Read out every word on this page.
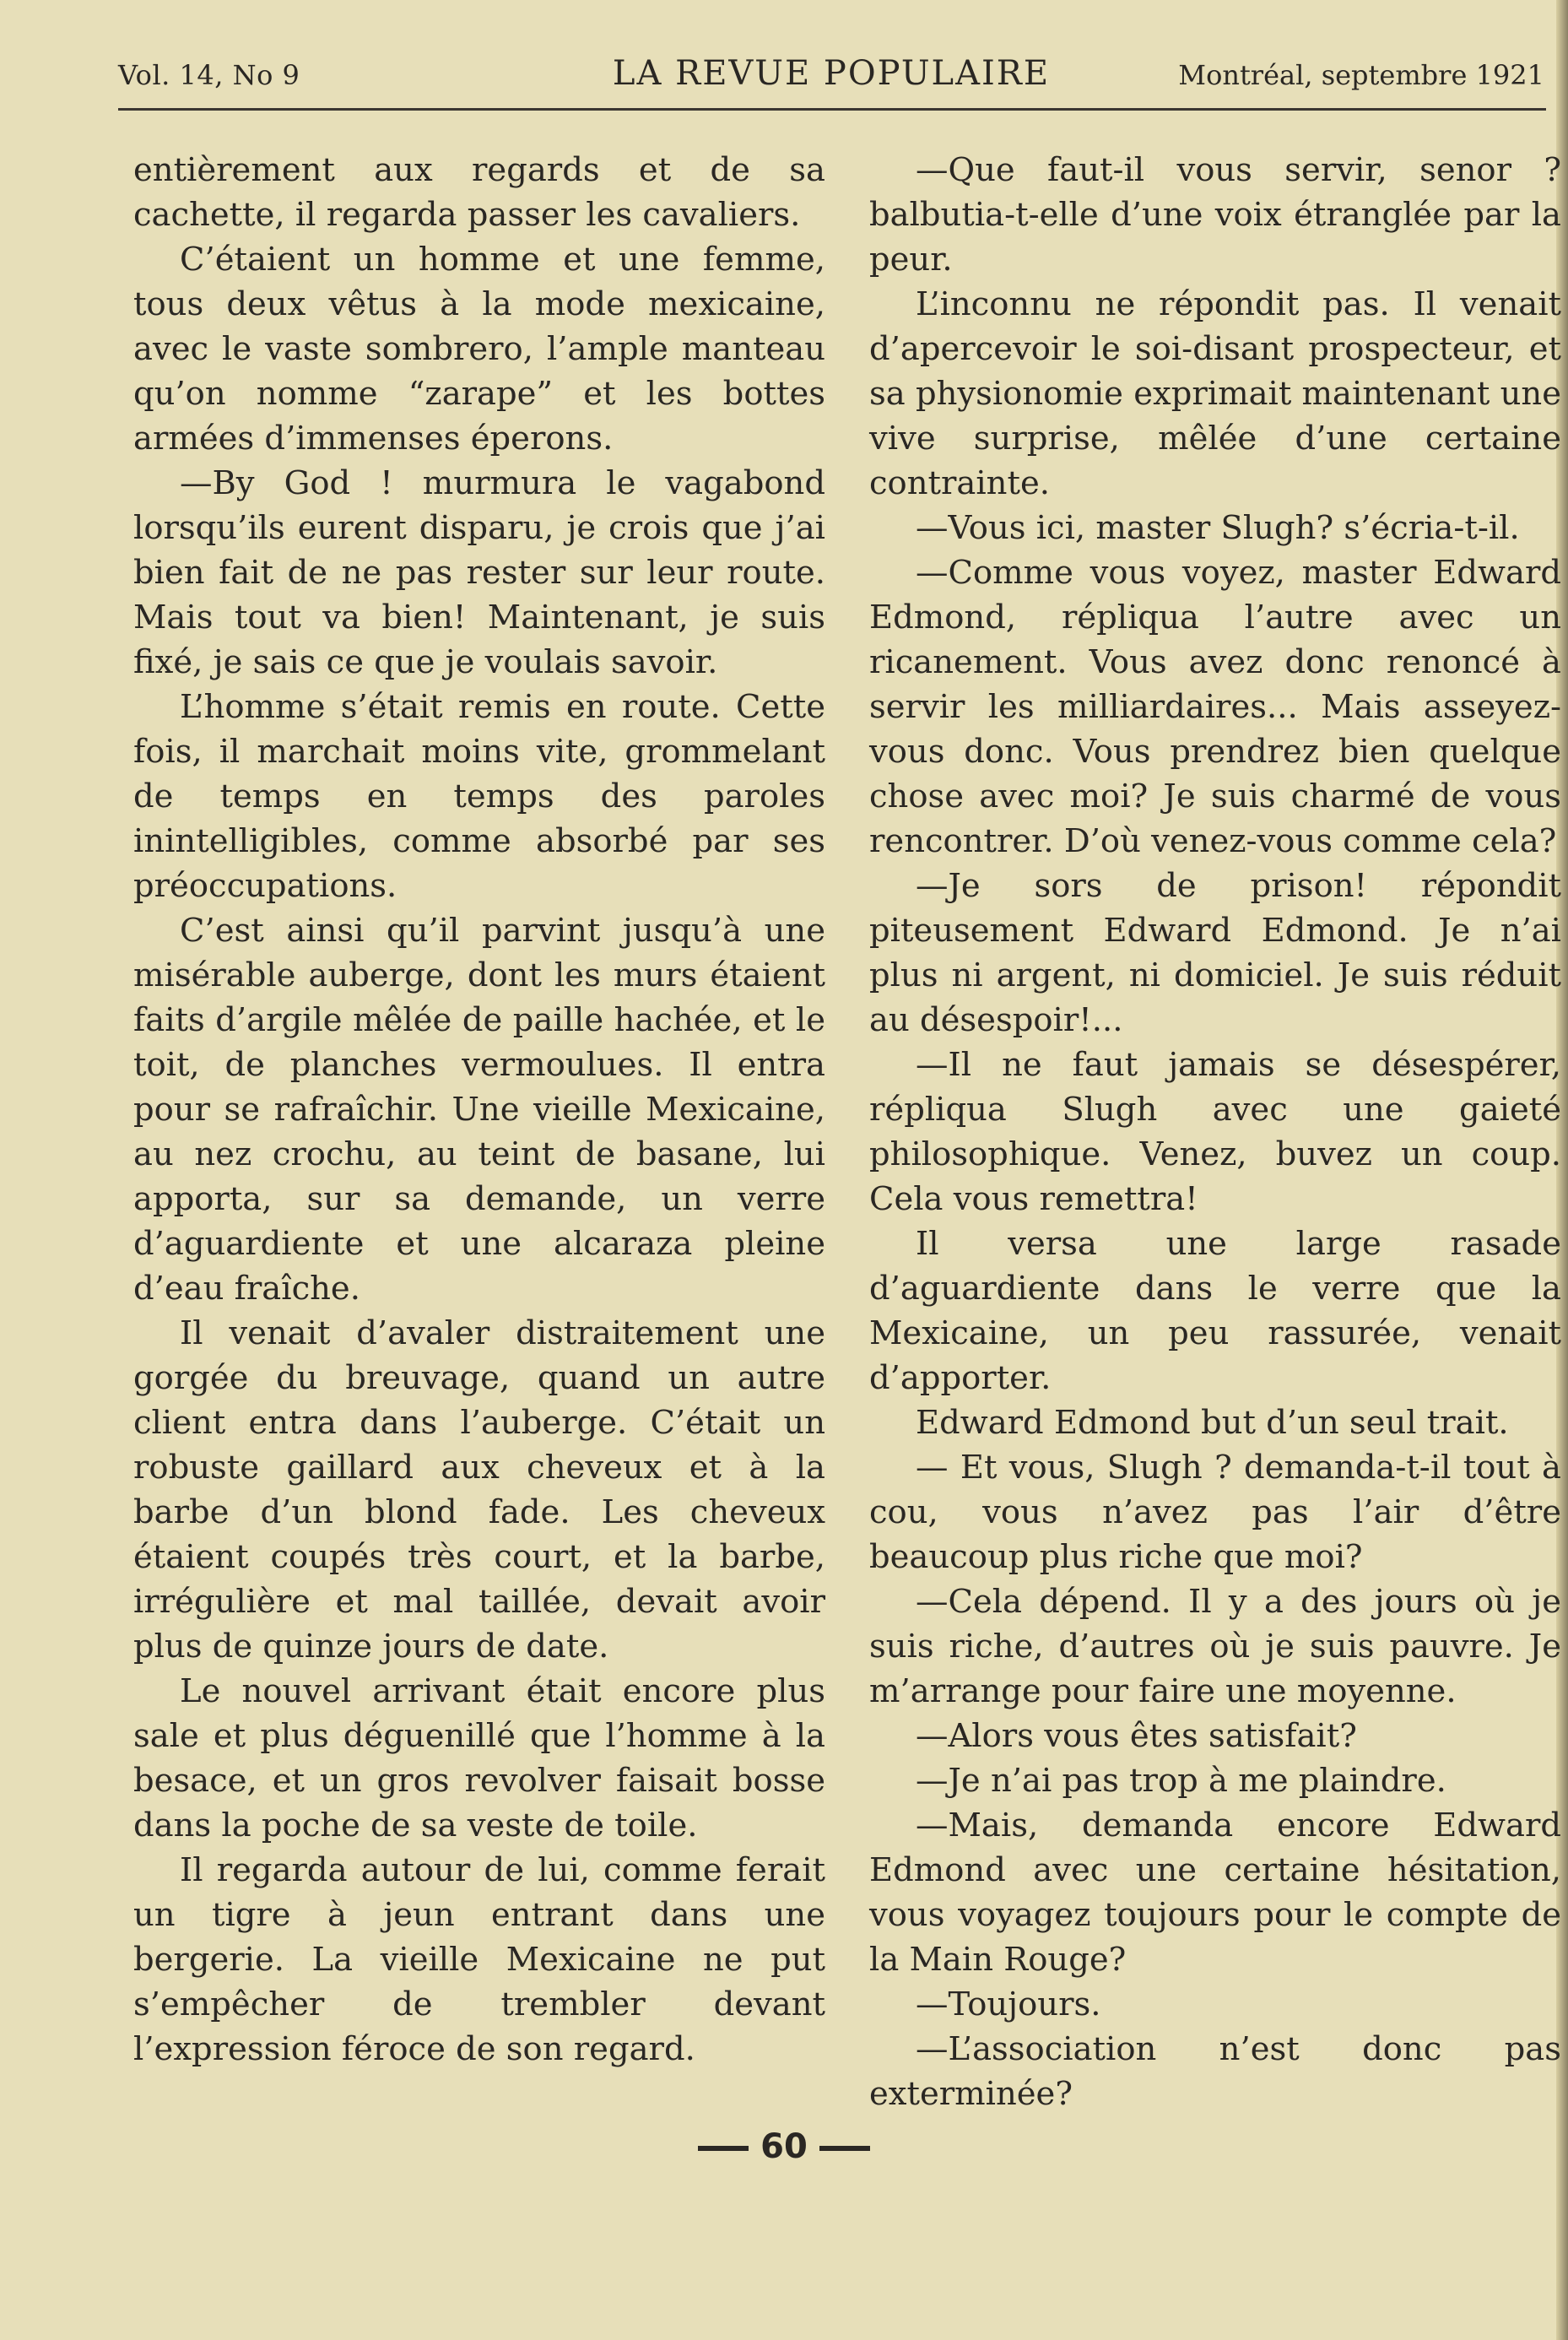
Vol. 14, No 9	LA REVUE POPULAIRE	Montréal, septembre 1921

entièrement aux regards et de sa cachette, il regarda passer les cavaliers.

C’étaient un homme et une femme, tous deux vêtus à la mode mexicaine, avec le vaste sombrero, l’ample manteau qu’on nomme “zarape” et les bottes armées d’immenses éperons.

—By God ! murmura le vagabond lorsqu’ils eurent disparu, je crois que j’ai bien fait de ne pas rester sur leur route. Mais tout va bien! Maintenant, je suis fixé, je sais ce que je voulais savoir.

L’homme s’était remis en route. Cette fois, il marchait moins vite, grommelant de temps en temps des paroles inintelligibles, comme absorbé par ses préoccupations.

C’est ainsi qu’il parvint jusqu’à une misérable auberge, dont les murs étaient faits d’argile mêlée de paille hachée, et le toit, de planches vermoulues. Il entra pour se rafraîchir. Une vieille Mexicaine, au nez crochu, au teint de basane, lui apporta, sur sa demande, un verre d’aguardiente et une alcaraza pleine d’eau fraîche.

Il venait d’avaler distraitement une gorgée du breuvage, quand un autre client entra dans l’auberge. C’était un robuste gaillard aux cheveux et à la barbe d’un blond fade. Les cheveux étaient coupés très court, et la barbe, irrégulière et mal taillée, devait avoir plus de quinze jours de date.

Le nouvel arrivant était encore plus sale et plus déguenillé que l’homme à la besace, et un gros revolver faisait bosse dans la poche de sa veste de toile.

Il regarda autour de lui, comme ferait un tigre à jeun entrant dans une bergerie. La vieille Mexicaine ne put s’empêcher de trembler devant l’expression féroce de son regard.

—Que faut-il vous servir, senor ? balbutia-t-elle d’une voix étranglée par la peur.

L’inconnu ne répondit pas. Il venait d’apercevoir le soi-disant prospecteur, et sa physionomie exprimait maintenant une vive surprise, mêlée d’une certaine contrainte.

—Vous ici, master Slugh? s’écria-t-il.

—Comme vous voyez, master Edward Edmond, répliqua l’autre avec un ricanement. Vous avez donc renoncé à servir les milliardaires... Mais asseyez-vous donc. Vous prendrez bien quelque chose avec moi? Je suis charmé de vous rencontrer. D’où venez-vous comme cela?

—Je sors de prison! répondit piteusement Edward Edmond. Je n’ai plus ni argent, ni domiciel. Je suis réduit au désespoir!...

—Il ne faut jamais se désespérer, répliqua Slugh avec une gaieté philosophique. Venez, buvez un coup. Cela vous remettra!

Il versa une large rasade d’aguardiente dans le verre que la Mexicaine, un peu rassurée, venait d’apporter.

Edward Edmond but d’un seul trait.

— Et vous, Slugh ? demanda-t-il tout à cou, vous n’avez pas l’air d’être beaucoup plus riche que moi?

—Cela dépend. Il y a des jours où je suis riche, d’autres où je suis pauvre. Je m’arrange pour faire une moyenne.

—Alors vous êtes satisfait?

—Je n’ai pas trop à me plaindre.

—Mais, demanda encore Edward Edmond avec une certaine hésitation, vous voyagez toujours pour le compte de la Main Rouge?

—Toujours.

—L’association n’est donc pas exterminée?

60
